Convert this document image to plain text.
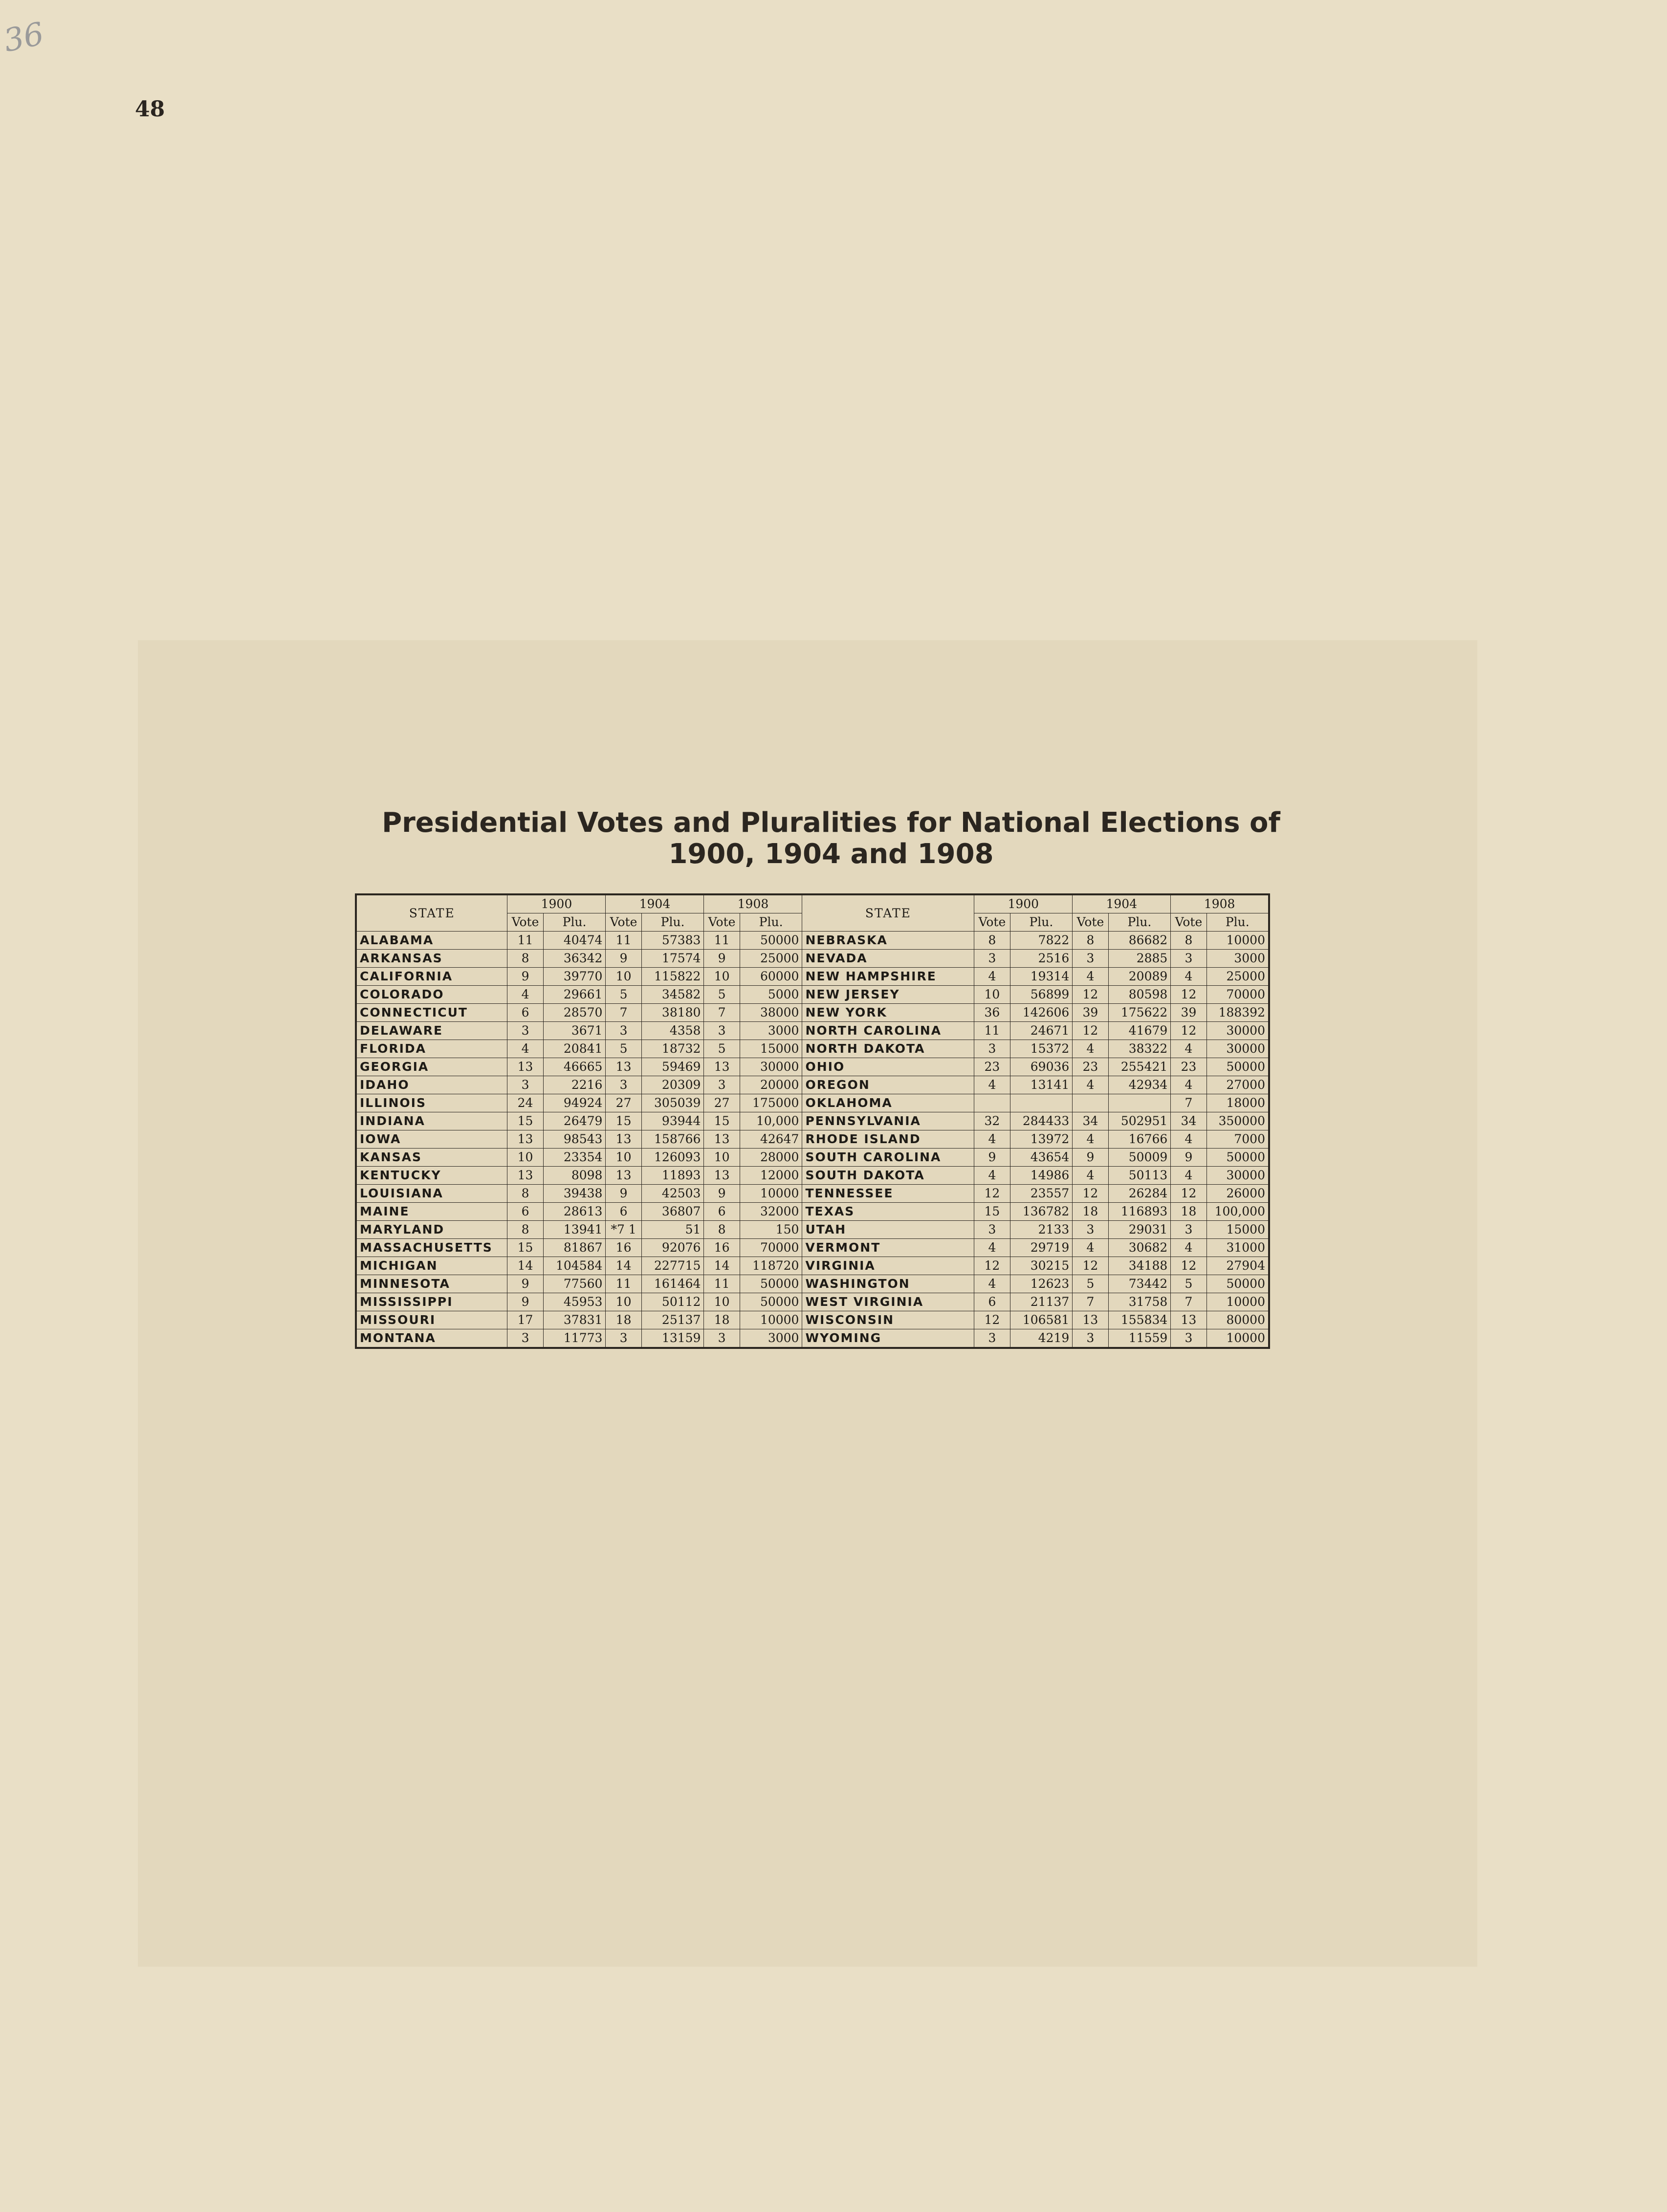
36
48
Presidential Votes and Pluralities for National Elections of
1900, 1904 and 1908
STATE	1900		1904		1908		STATE	1900		1904		1908	
	Vote	Plu.	Vote	Plu.	Vote	Plu.		Vote	Plu.	Vote	Plu.	Vote	Plu.
ALABAMA	11	40474	11	57383	11	50000	NEBRASKA	8	7822	8	86682	8	10000
ARKANSAS	8	36342	9	17574	9	25000	NEVADA	3	2516	3	2885	3	3000
CALIFORNIA	9	39770	10	115822	10	60000	NEW HAMPSHIRE	4	19314	4	20089	4	25000
COLORADO	4	29661	5	34582	5	5000	NEW JERSEY	10	56899	12	80598	12	70000
CONNECTICUT	6	28570	7	38180	7	38000	NEW YORK	36	142606	39	175622	39	188392
DELAWARE	3	3671	3	4358	3	3000	NORTH CAROLINA	11	24671	12	41679	12	30000
FLORIDA	4	20841	5	18732	5	15000	NORTH DAKOTA	3	15372	4	38322	4	30000
GEORGIA	13	46665	13	59469	13	30000	OHIO	23	69036	23	255421	23	50000
IDAHO	3	2216	3	20309	3	20000	OREGON	4	13141	4	42934	4	27000
ILLINOIS	24	94924	27	305039	27	175000	OKLAHOMA					7	18000
INDIANA	15	26479	15	93944	15	10,000	PENNSYLVANIA	32	284433	34	502951	34	350000
IOWA	13	98543	13	158766	13	42647	RHODE ISLAND	4	13972	4	16766	4	7000
KANSAS	10	23354	10	126093	10	28000	SOUTH CAROLINA	9	43654	9	50009	9	50000
KENTUCKY	13	8098	13	11893	13	12000	SOUTH DAKOTA	4	14986	4	50113	4	30000
LOUISIANA	8	39438	9	42503	9	10000	TENNESSEE	12	23557	12	26284	12	26000
MAINE	6	28613	6	36807	6	32000	TEXAS	15	136782	18	116893	18	100,000
MARYLAND	8	13941	*7 1	51	8	150	UTAH	3	2133	3	29031	3	15000
MASSACHUSETTS	15	81867	16	92076	16	70000	VERMONT	4	29719	4	30682	4	31000
MICHIGAN	14	104584	14	227715	14	118720	VIRGINIA	12	30215	12	34188	12	27904
MINNESOTA	9	77560	11	161464	11	50000	WASHINGTON	4	12623	5	73442	5	50000
MISSISSIPPI	9	45953	10	50112	10	50000	WEST VIRGINIA	6	21137	7	31758	7	10000
MISSOURI	17	37831	18	25137	18	10000	WISCONSIN	12	106581	13	155834	13	80000
MONTANA	3	11773	3	13159	3	3000	WYOMING	3	4219	3	11559	3	10000
